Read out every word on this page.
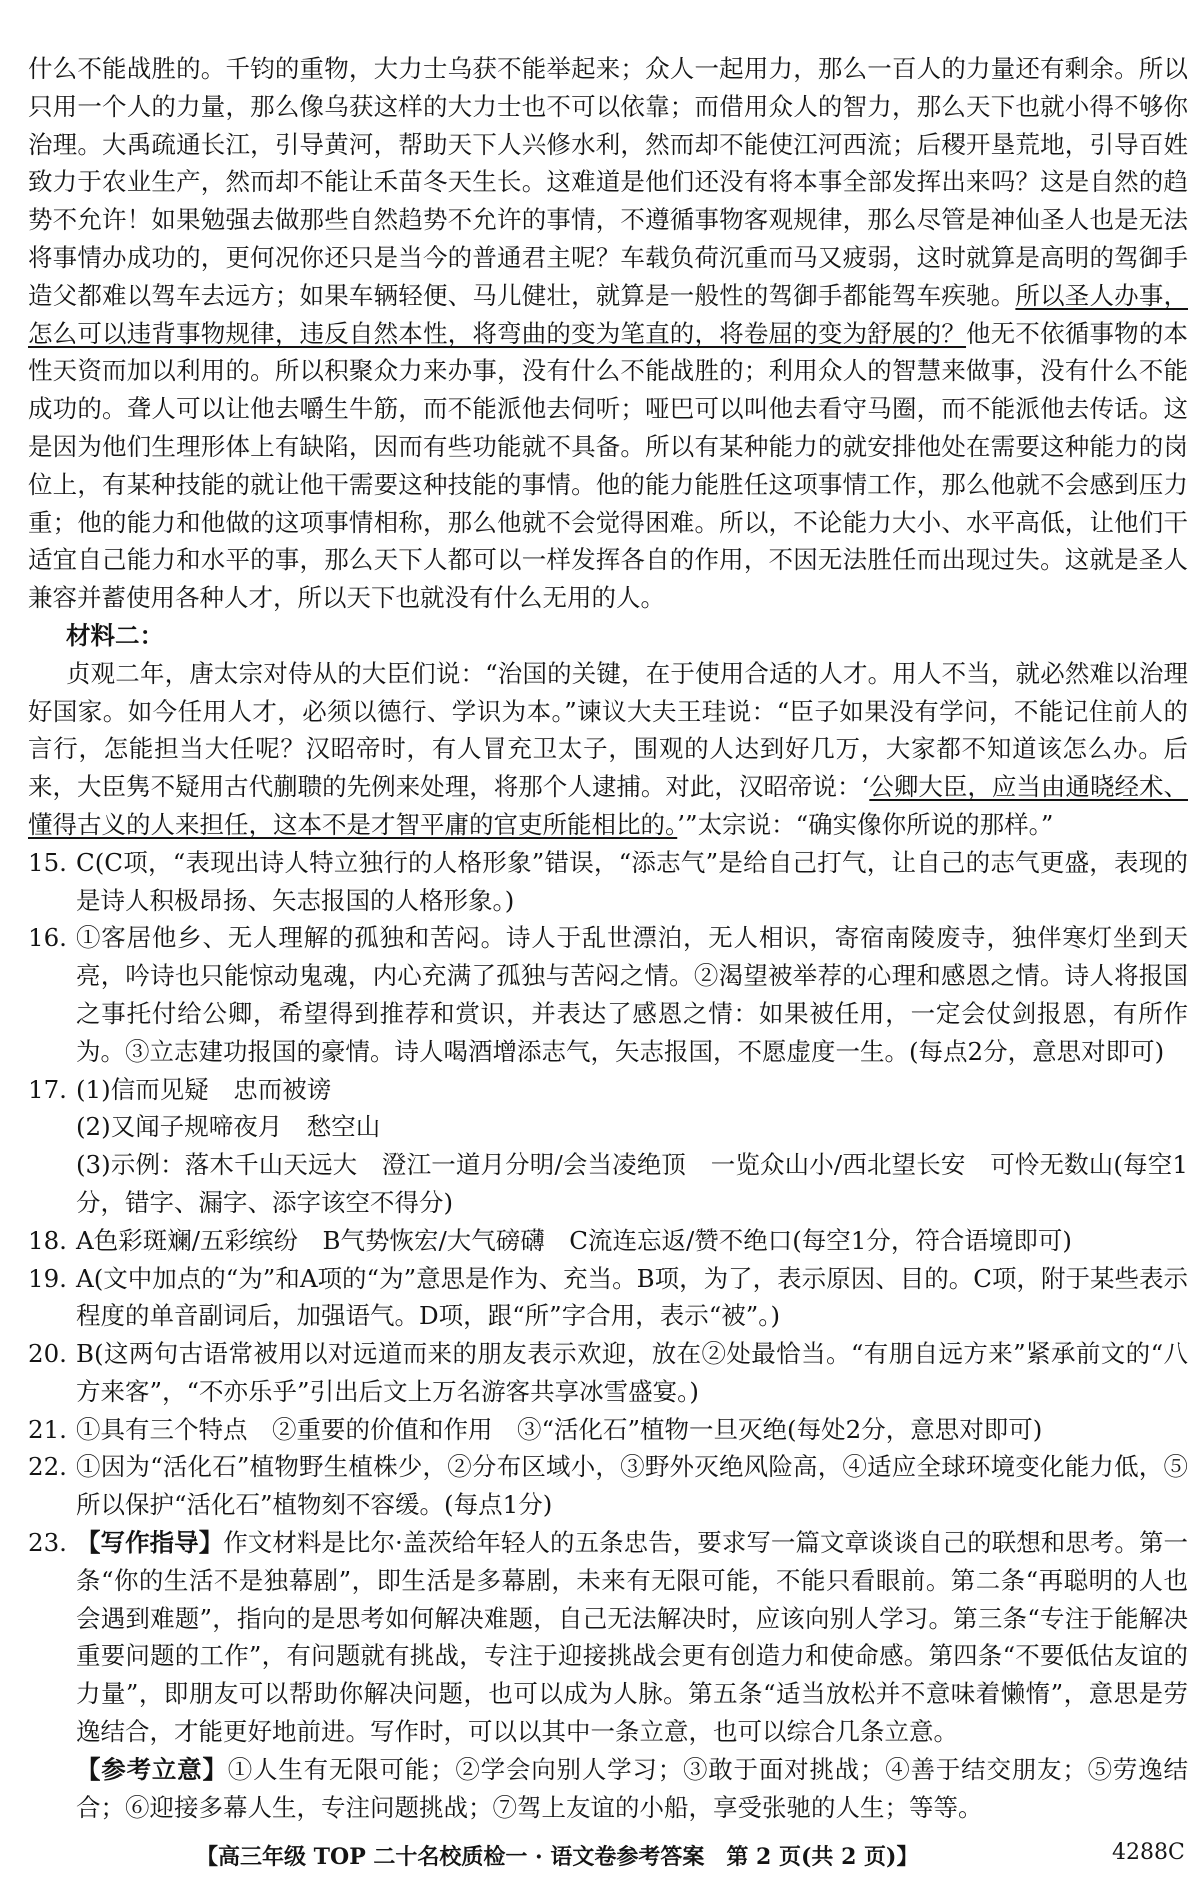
什么不能战胜的。千钧的重物，大力士乌获不能举起来；众人一起用力，那么一百人的力量还有剩余。所以只用一个人的力量，那么像乌获这样的大力士也不可以依靠；而借用众人的智力，那么天下也就小得不够你治理。大禹疏通长江，引导黄河，帮助天下人兴修水利，然而却不能使江河西流；后稷开垦荒地，引导百姓致力于农业生产，然而却不能让禾苗冬天生长。这难道是他们还没有将本事全部发挥出来吗？这是自然的趋势不允许！如果勉强去做那些自然趋势不允许的事情，不遵循事物客观规律，那么尽管是神仙圣人也是无法将事情办成功的，更何况你还只是当今的普通君主呢？车载负荷沉重而马又疲弱，这时就算是高明的驾御手造父都难以驾车去远方；如果车辆轻便、马儿健壮，就算是一般性的驾御手都能驾车疾驰。所以圣人办事，怎么可以违背事物规律，违反自然本性，将弯曲的变为笔直的，将卷屈的变为舒展的？他无不依循事物的本性天资而加以利用的。所以积聚众力来办事，没有什么不能战胜的；利用众人的智慧来做事，没有什么不能成功的。聋人可以让他去嚼生牛筋，而不能派他去伺听；哑巴可以叫他去看守马圈，而不能派他去传话。这是因为他们生理形体上有缺陷，因而有些功能就不具备。所以有某种能力的就安排他处在需要这种能力的岗位上，有某种技能的就让他干需要这种技能的事情。他的能力能胜任这项事情工作，那么他就不会感到压力重；他的能力和他做的这项事情相称，那么他就不会觉得困难。所以，不论能力大小、水平高低，让他们干适宜自己能力和水平的事，那么天下人都可以一样发挥各自的作用，不因无法胜任而出现过失。这就是圣人兼容并蓄使用各种人才，所以天下也就没有什么无用的人。

材料二：

贞观二年，唐太宗对侍从的大臣们说：“治国的关键，在于使用合适的人才。用人不当，就必然难以治理好国家。如今任用人才，必须以德行、学识为本。”谏议大夫王珪说：“臣子如果没有学问，不能记住前人的言行，怎能担当大任呢？汉昭帝时，有人冒充卫太子，围观的人达到好几万，大家都不知道该怎么办。后来，大臣隽不疑用古代蒯聩的先例来处理，将那个人逮捕。对此，汉昭帝说：‘公卿大臣，应当由通晓经术、懂得古义的人来担任，这本不是才智平庸的官吏所能相比的。’”太宗说：“确实像你所说的那样。”

15. C(C项，“表现出诗人特立独行的人格形象”错误，“添志气”是给自己打气，让自己的志气更盛，表现的是诗人积极昂扬、矢志报国的人格形象。)
16. ①客居他乡、无人理解的孤独和苦闷。诗人于乱世漂泊，无人相识，寄宿南陵废寺，独伴寒灯坐到天亮，吟诗也只能惊动鬼魂，内心充满了孤独与苦闷之情。②渴望被举荐的心理和感恩之情。诗人将报国之事托付给公卿，希望得到推荐和赏识，并表达了感恩之情：如果被任用，一定会仗剑报恩，有所作为。③立志建功报国的豪情。诗人喝酒增添志气，矢志报国，不愿虚度一生。(每点2分，意思对即可)
17. (1)信而见疑　忠而被谤

(2)又闻子规啼夜月　愁空山

(3)示例：落木千山天远大　澄江一道月分明/会当凌绝顶　一览众山小/西北望长安　可怜无数山(每空1分，错字、漏字、添字该空不得分)

18. A色彩斑斓/五彩缤纷　B气势恢宏/大气磅礴　C流连忘返/赞不绝口(每空1分，符合语境即可)
19. A(文中加点的“为”和A项的“为”意思是作为、充当。B项，为了，表示原因、目的。C项，附于某些表示程度的单音副词后，加强语气。D项，跟“所”字合用，表示“被”。)
20. B(这两句古语常被用以对远道而来的朋友表示欢迎，放在②处最恰当。“有朋自远方来”紧承前文的“八方来客”，“不亦乐乎”引出后文上万名游客共享冰雪盛宴。)
21. ①具有三个特点　②重要的价值和作用　③“活化石”植物一旦灭绝(每处2分，意思对即可)
22. ①因为“活化石”植物野生植株少，②分布区域小，③野外灭绝风险高，④适应全球环境变化能力低，⑤所以保护“活化石”植物刻不容缓。(每点1分)
23. 【写作指导】作文材料是比尔·盖茨给年轻人的五条忠告，要求写一篇文章谈谈自己的联想和思考。第一条“你的生活不是独幕剧”，即生活是多幕剧，未来有无限可能，不能只看眼前。第二条“再聪明的人也会遇到难题”，指向的是思考如何解决难题，自己无法解决时，应该向别人学习。第三条“专注于能解决重要问题的工作”，有问题就有挑战，专注于迎接挑战会更有创造力和使命感。第四条“不要低估友谊的力量”，即朋友可以帮助你解决问题，也可以成为人脉。第五条“适当放松并不意味着懒惰”，意思是劳逸结合，才能更好地前进。写作时，可以以其中一条立意，也可以综合几条立意。

【参考立意】①人生有无限可能；②学会向别人学习；③敢于面对挑战；④善于结交朋友；⑤劳逸结合；⑥迎接多幕人生，专注问题挑战；⑦驾上友谊的小船，享受张驰的人生；等等。

【高三年级 TOP 二十名校质检一 · 语文卷参考答案　第 2 页(共 2 页)】	4288C
